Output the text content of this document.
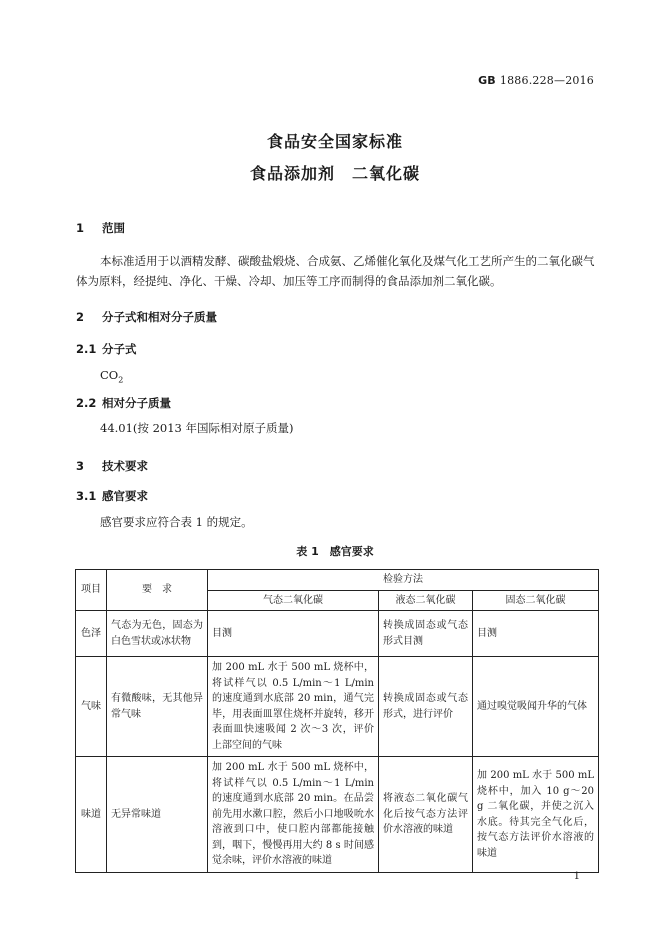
GB 1886.228—2016
食品安全国家标准
食品添加剂　二氧化碳
1 范围
本标准适用于以酒精发酵、碳酸盐煅烧、合成氨、乙烯催化氧化及煤气化工艺所产生的二氧化碳气
体为原料，经提纯、净化、干燥、冷却、加压等工序而制得的食品添加剂二氧化碳。
2 分子式和相对分子质量
2.1 分子式
$CO_2$
2.2 相对分子质量
44.01(按 2013 年国际相对原子质量)
3 技术要求
3.1 感官要求
感官要求应符合表 1 的规定。
表 1　感官要求
项目	要　求	检验方法		
		气态二氧化碳	液态二氧化碳	固态二氧化碳
色泽	气态为无色，固态为白色雪状或冰状物	目测	转换成固态或气态形式目测	目测
气味	有微酸味，无其他异常气味	加 200 mL 水于 500 mL 烧杯中，将试样气以 0.5 L/min～1 L/min 的速度通到水底部 20 min，通气完毕，用表面皿罩住烧杯并旋转，移开表面皿快速吸闻 2 次～3 次，评价上部空间的气味	转换成固态或气态形式，进行评价	通过嗅觉吸闻升华的气体
味道	无异常味道	加 200 mL 水于 500 mL 烧杯中，将试样气以 0.5 L/min～1 L/min 的速度通到水底部 20 min。在品尝前先用水漱口腔，然后小口地吸吮水溶液到口中，使口腔内部都能接触到，咽下，慢慢再用大约 8 s 时间感觉余味，评价水溶液的味道	将液态二氧化碳气化后按气态方法评价水溶液的味道	加 200 mL 水于 500 mL 烧杯中，加入 10 g～20 g 二氧化碳，并使之沉入水底。待其完全气化后，按气态方法评价水溶液的味道
1
